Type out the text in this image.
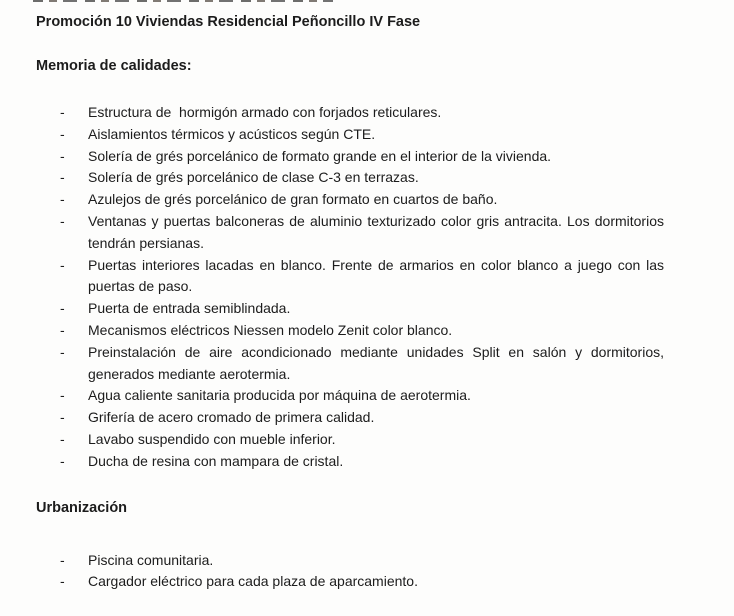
Promoción 10 Viviendas Residencial Peñoncillo IV Fase
Memoria de calidades:
-	Estructura de  hormigón armado con forjados reticulares.
-	Aislamientos térmicos y acústicos según CTE.
-	Solería de grés porcelánico de formato grande en el interior de la vivienda.
-	Solería de grés porcelánico de clase C-3 en terrazas.
-	Azulejos de grés porcelánico de gran formato en cuartos de baño.
-	Ventanas y puertas balconeras de aluminio texturizado color gris antracita. Los dormitorios tendrán persianas.
-	Puertas interiores lacadas en blanco. Frente de armarios en color blanco a juego con las puertas de paso.
-	Puerta de entrada semiblindada.
-	Mecanismos eléctricos Niessen modelo Zenit color blanco.
-	Preinstalación de aire acondicionado mediante unidades Split en salón y dormitorios, generados mediante aerotermia.
-	Agua caliente sanitaria producida por máquina de aerotermia.
-	Grifería de acero cromado de primera calidad.
-	Lavabo suspendido con mueble inferior.
-	Ducha de resina con mampara de cristal.
Urbanización
-	Piscina comunitaria.
-	Cargador eléctrico para cada plaza de aparcamiento.
